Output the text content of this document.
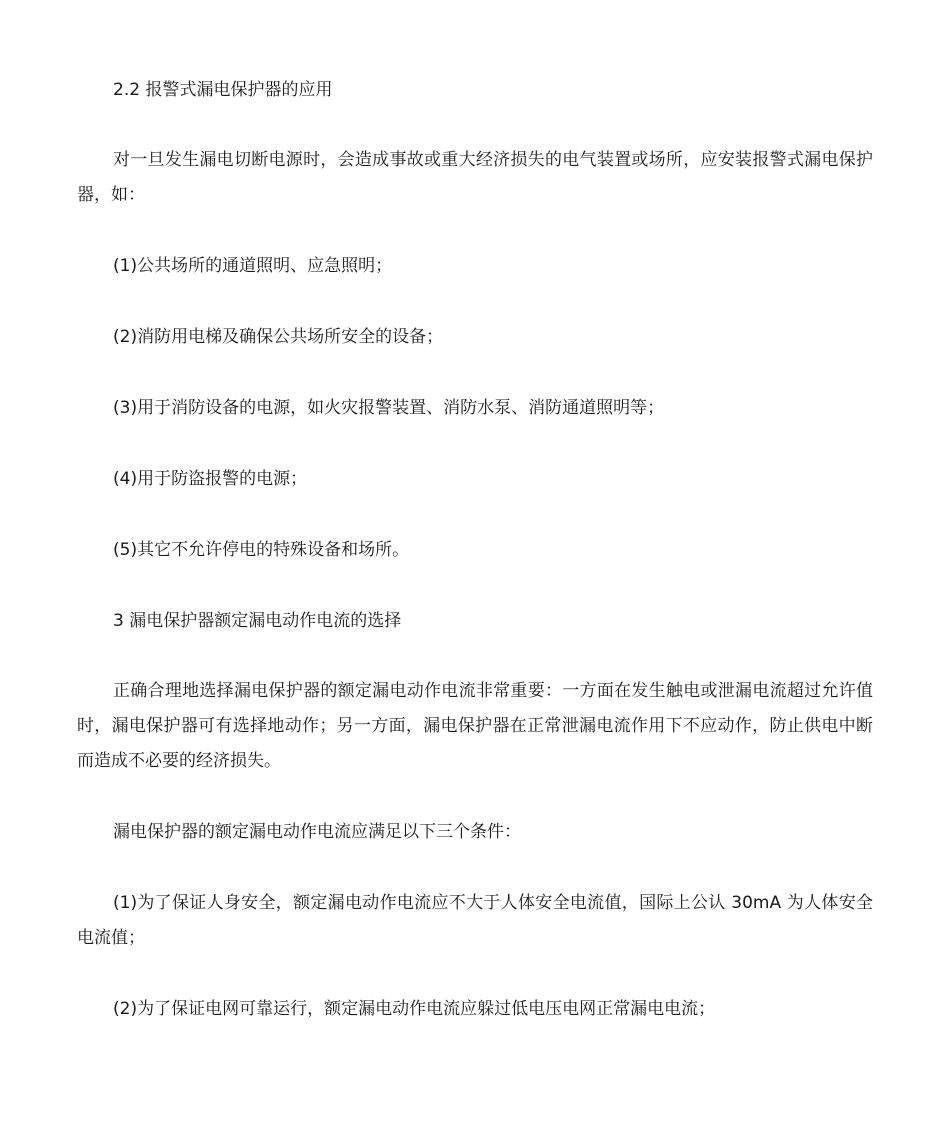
2.2 报警式漏电保护器的应用

对一旦发生漏电切断电源时，会造成事故或重大经济损失的电气装置或场所，应安装报警式漏电保护器，如：

(1)公共场所的通道照明、应急照明；

(2)消防用电梯及确保公共场所安全的设备；

(3)用于消防设备的电源，如火灾报警装置、消防水泵、消防通道照明等；

(4)用于防盗报警的电源；

(5)其它不允许停电的特殊设备和场所。

3 漏电保护器额定漏电动作电流的选择

正确合理地选择漏电保护器的额定漏电动作电流非常重要：一方面在发生触电或泄漏电流超过允许值时，漏电保护器可有选择地动作；另一方面，漏电保护器在正常泄漏电流作用下不应动作，防止供电中断而造成不必要的经济损失。

漏电保护器的额定漏电动作电流应满足以下三个条件：

(1)为了保证人身安全，额定漏电动作电流应不大于人体安全电流值，国际上公认 30mA 为人体安全电流值；

(2)为了保证电网可靠运行，额定漏电动作电流应躲过低电压电网正常漏电电流；
